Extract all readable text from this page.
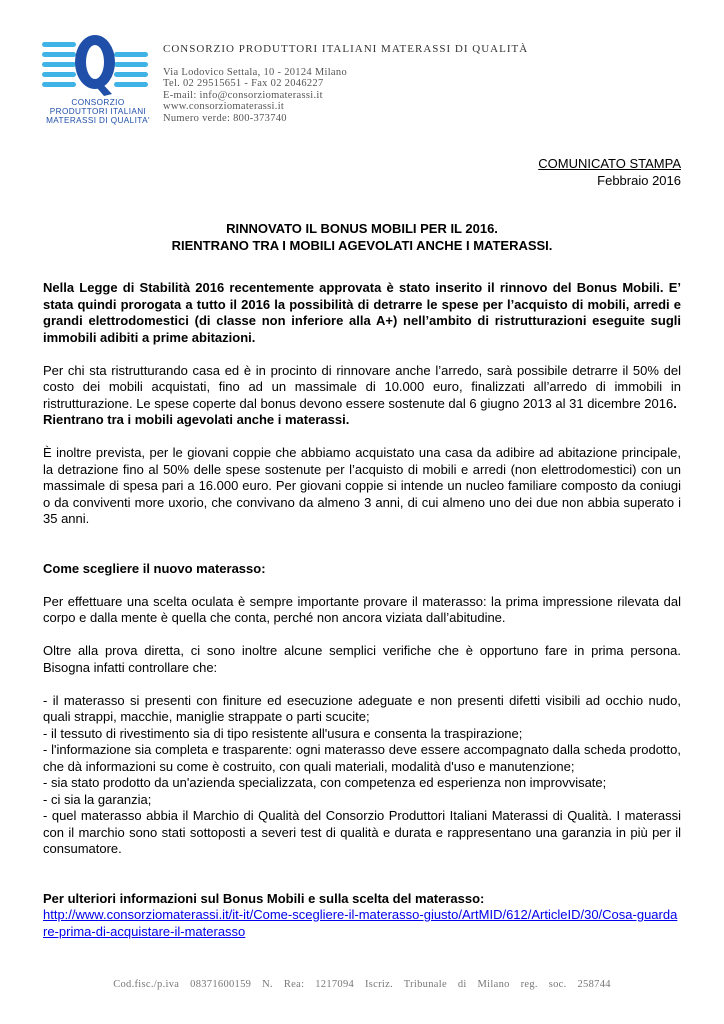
CONSORZIO
PRODUTTORI ITALIANI
MATERASSI DI QUALITA'
CONSORZIO PRODUTTORI ITALIANI MATERASSI DI QUALITÀ
Via Lodovico Settala, 10 - 20124 Milano
Tel. 02 29515651 - Fax 02 2046227
E-mail: info@consorziomaterassi.it
www.consorziomaterassi.it
Numero verde: 800-373740
COMUNICATO STAMPA
Febbraio 2016
RINNOVATO IL BONUS MOBILI PER IL 2016.
RIENTRANO TRA I MOBILI AGEVOLATI ANCHE I MATERASSI.

Nella Legge di Stabilità 2016 recentemente approvata è stato inserito il rinnovo del Bonus Mobili. E’ stata quindi prorogata a tutto il 2016 la possibilità di detrarre le spese per l’acquisto di mobili, arredi e grandi elettrodomestici (di classe non inferiore alla A+) nell’ambito di ristrutturazioni eseguite sugli immobili adibiti a prime abitazioni.

Per chi sta ristrutturando casa ed è in procinto di rinnovare anche l’arredo, sarà possibile detrarre il 50% del costo dei mobili acquistati, fino ad un massimale di 10.000 euro, finalizzati all’arredo di immobili in ristrutturazione. Le spese coperte dal bonus devono essere sostenute dal 6 giugno 2013 al 31 dicembre 2016.

Rientrano tra i mobili agevolati anche i materassi.

È inoltre prevista, per le giovani coppie che abbiamo acquistato una casa da adibire ad abitazione principale, la detrazione fino al 50% delle spese sostenute per l’acquisto di mobili e arredi (non elettrodomestici) con un massimale di spesa pari a 16.000 euro. Per giovani coppie si intende un nucleo familiare composto da coniugi o da conviventi more uxorio, che convivano da almeno 3 anni, di cui almeno uno dei due non abbia superato i 35 anni.

Come scegliere il nuovo materasso:

Per effettuare una scelta oculata è sempre importante provare il materasso: la prima impressione rilevata dal corpo e dalla mente è quella che conta, perché non ancora viziata dall’abitudine.

Oltre alla prova diretta, ci sono inoltre alcune semplici verifiche che è opportuno fare in prima persona. Bisogna infatti controllare che:

- il materasso si presenti con finiture ed esecuzione adeguate e non presenti difetti visibili ad occhio nudo, quali strappi, macchie, maniglie strappate o parti scucite;

- il tessuto di rivestimento sia di tipo resistente all'usura e consenta la traspirazione;

- l'informazione sia completa e trasparente: ogni materasso deve essere accompagnato dalla scheda prodotto, che dà informazioni su come è costruito, con quali materiali, modalità d'uso e manutenzione;

- sia stato prodotto da un'azienda specializzata, con competenza ed esperienza non improvvisate;

- ci sia la garanzia;

- quel materasso abbia il Marchio di Qualità del Consorzio Produttori Italiani Materassi di Qualità. I materassi con il marchio sono stati sottoposti a severi test di qualità e durata e rappresentano una garanzia in più per il consumatore.

Per ulteriori informazioni sul Bonus Mobili e sulla scelta del materasso:

http://www.consorziomaterassi.it/it-it/Come-scegliere-il-materasso-giusto/ArtMID/612/ArticleID/30/Cosa-guardare-prima-di-acquistare-il-materasso

Cod.fisc./p.iva 08371600159 N. Rea: 1217094 Iscriz. Tribunale di Milano reg. soc. 258744
